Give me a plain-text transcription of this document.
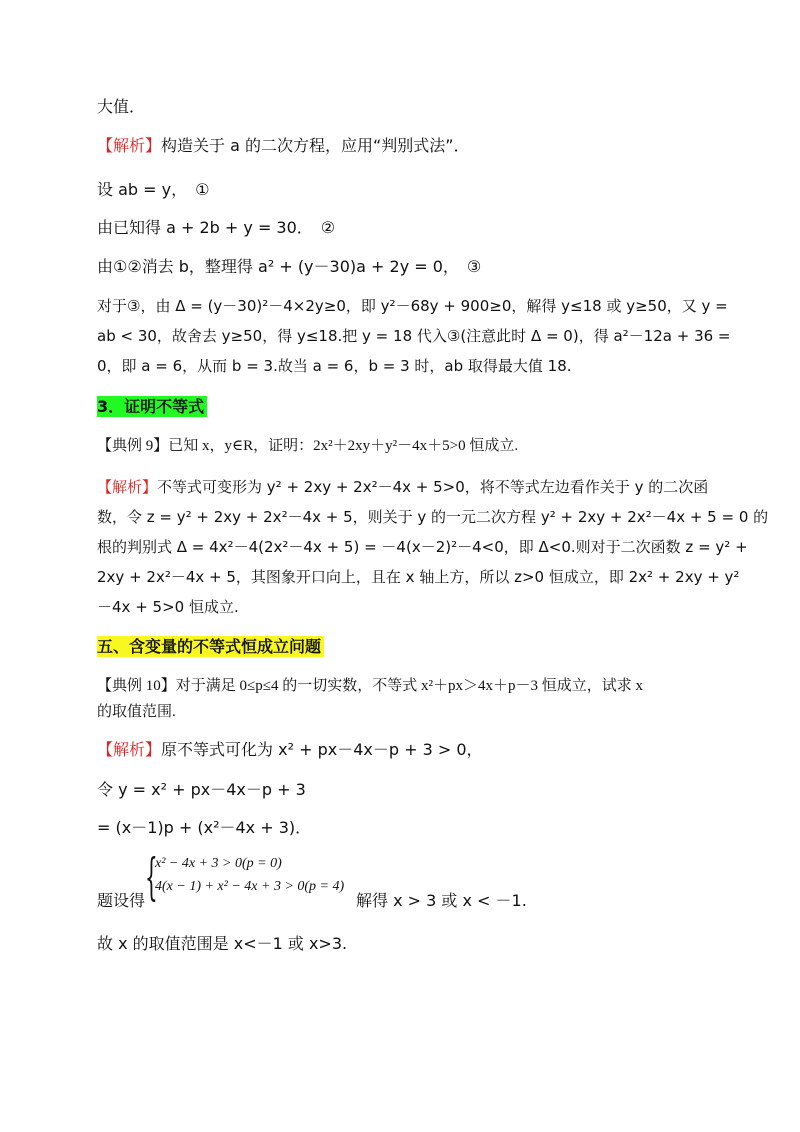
大值．
【解析】构造关于 a 的二次方程，应用“判别式法”．
设 ab = y，　①
由已知得 a + 2b + y = 30．　②
由①②消去 b，整理得 a² + (y－30)a + 2y = 0，　③
对于③，由 Δ = (y－30)²－4×2y≥0，即 y²－68y + 900≥0，解得 y≤18 或 y≥50，又 y =
ab < 30，故舍去 y≥50，得 y≤18.把 y = 18 代入③(注意此时 Δ = 0)，得 a²－12a + 36 =
0，即 a = 6，从而 b = 3.故当 a = 6，b = 3 时，ab 取得最大值 18.
3．证明不等式
【典例 9】已知 x，y∈R，证明：2x²＋2xy＋y²－4x＋5>0 恒成立.
【解析】不等式可变形为 y² + 2xy + 2x²－4x + 5>0，将不等式左边看作关于 y 的二次函
数，令 z = y² + 2xy + 2x²－4x + 5，则关于 y 的一元二次方程 y² + 2xy + 2x²－4x + 5 = 0 的
根的判别式 Δ = 4x²－4(2x²－4x + 5) = －4(x－2)²－4<0，即 Δ<0.则对于二次函数 z = y² +
2xy + 2x²－4x + 5，其图象开口向上，且在 x 轴上方，所以 z>0 恒成立，即 2x² + 2xy + y²
－4x + 5>0 恒成立.
五、含变量的不等式恒成立问题
【典例 10】对于满足 0≤p≤4 的一切实数，不等式 x²＋px＞4x＋p－3 恒成立，试求 x
的取值范围.
【解析】原不等式可化为 x² + px－4x－p + 3 > 0，
令 y = x² + px－4x－p + 3
= (x－1)p + (x²－4x + 3)．
{
x² − 4x + 3 > 0(p = 0)
4(x − 1) + x² − 4x + 3 > 0(p = 4)
题设得	解得 x > 3 或 x < －1.
故 x 的取值范围是 x<－1 或 x>3.
